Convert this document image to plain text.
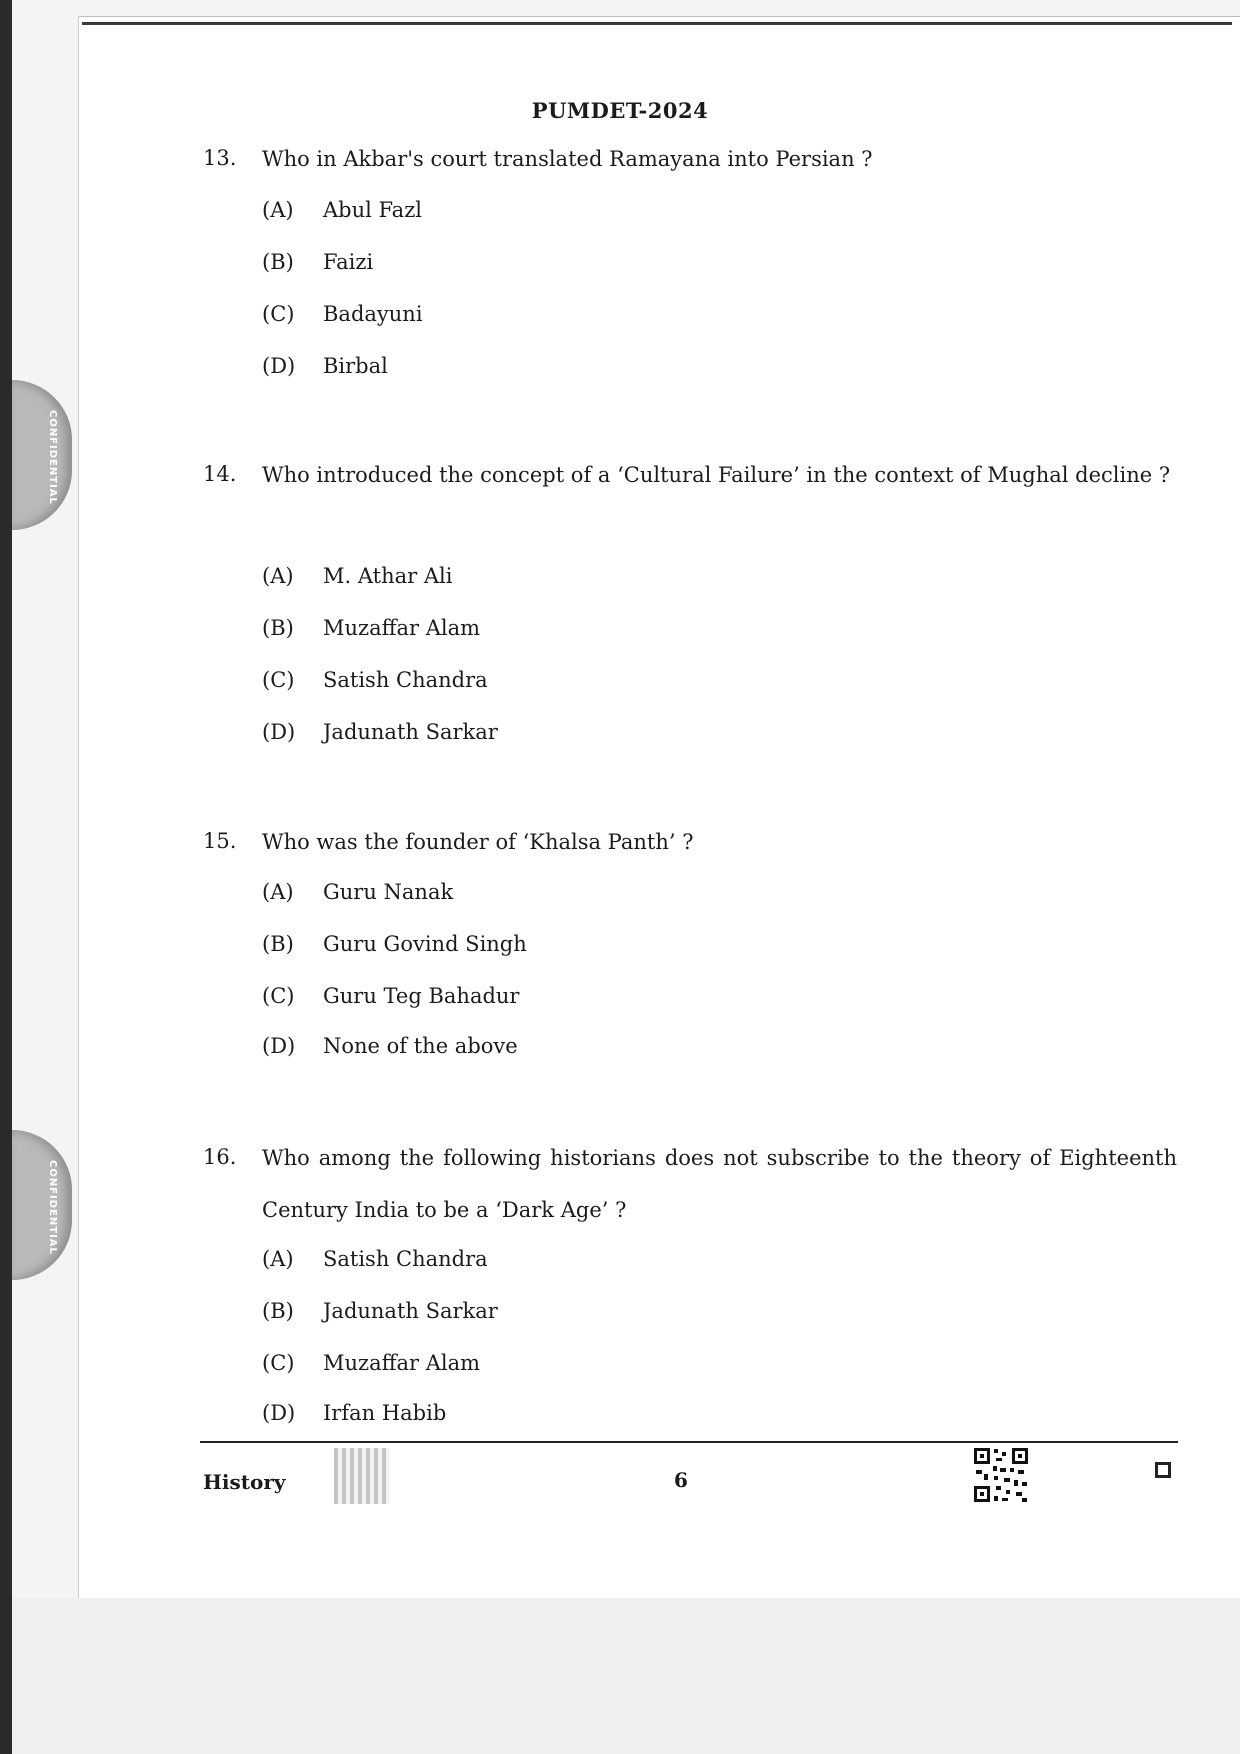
CONFIDENTIAL
CONFIDENTIAL
PUMDET-2024
13. Who in Akbar's court translated Ramayana into Persian ?
(A) Abul Fazl
(B) Faizi
(C) Badayuni
(D) Birbal
14. Who introduced the concept of a ‘Cultural Failure’ in the context of Mughal decline ?
(A) M. Athar Ali
(B) Muzaffar Alam
(C) Satish Chandra
(D) Jadunath Sarkar
15. Who was the founder of ‘Khalsa Panth’ ?
(A) Guru Nanak
(B) Guru Govind Singh
(C) Guru Teg Bahadur
(D) None of the above
16. Who among the following historians does not subscribe to the theory of Eighteenth Century India to be a ‘Dark Age’ ?
(A) Satish Chandra
(B) Jadunath Sarkar
(C) Muzaffar Alam
(D) Irfan Habib
History	6
